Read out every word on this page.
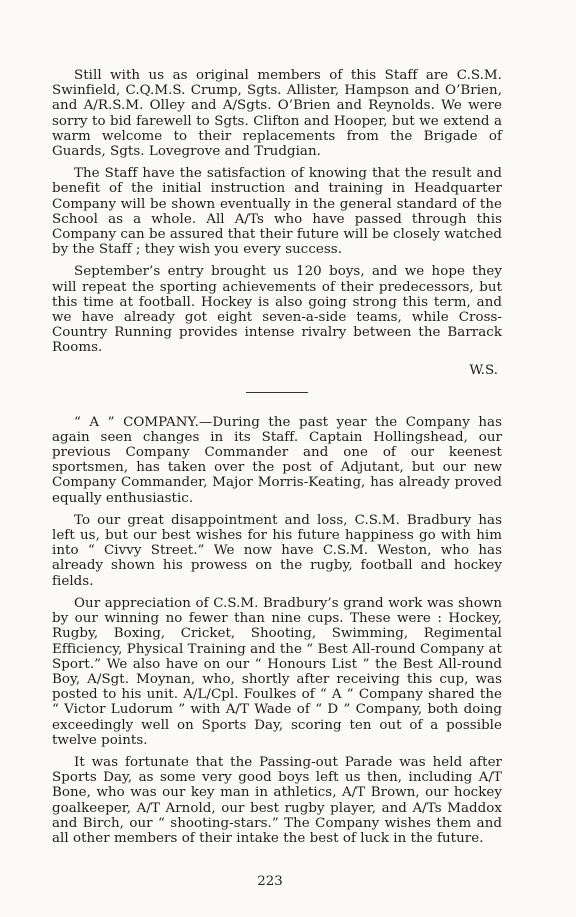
Still with us as original members of this Staff are C.S.M. Swinfield, C.Q.M.S. Crump, Sgts. Allister, Hampson and O’Brien, and A/R.S.M. Olley and A/Sgts. O’Brien and Reynolds. We were sorry to bid farewell to Sgts. Clifton and Hooper, but we extend a warm welcome to their replacements from the Brigade of Guards, Sgts. Lovegrove and Trudgian.

The Staff have the satisfaction of knowing that the result and benefit of the initial instruction and training in Headquarter Company will be shown eventually in the general standard of the School as a whole. All A/Ts who have passed through this Company can be assured that their future will be closely watched by the Staff ; they wish you every success.

September’s entry brought us 120 boys, and we hope they will repeat the sporting achievements of their predecessors, but this time at football. Hockey is also going strong this term, and we have already got eight seven-a-side teams, while Cross-Country Running provides intense rivalry between the Barrack Rooms.

W.S.

“ A ” COMPANY.—During the past year the Company has again seen changes in its Staff. Captain Hollingshead, our previous Company Commander and one of our keenest sportsmen, has taken over the post of Adjutant, but our new Company Commander, Major Morris-Keating, has already proved equally enthusiastic.

To our great disappointment and loss, C.S.M. Bradbury has left us, but our best wishes for his future happiness go with him into “ Civvy Street.” We now have C.S.M. Weston, who has already shown his prowess on the rugby, football and hockey fields.

Our appreciation of C.S.M. Bradbury’s grand work was shown by our winning no fewer than nine cups. These were : Hockey, Rugby, Boxing, Cricket, Shooting, Swimming, Regimental Efficiency, Physical Training and the “ Best All-round Company at Sport.” We also have on our “ Honours List ” the Best All-round Boy, A/Sgt. Moynan, who, shortly after receiving this cup, was posted to his unit. A/L/Cpl. Foulkes of “ A ” Company shared the “ Victor Ludorum ” with A/T Wade of “ D ” Company, both doing exceedingly well on Sports Day, scoring ten out of a possible twelve points.

It was fortunate that the Passing-out Parade was held after Sports Day, as some very good boys left us then, including A/T Bone, who was our key man in athletics, A/T Brown, our hockey goalkeeper, A/T Arnold, our best rugby player, and A/Ts Maddox and Birch, our “ shooting-stars.” The Company wishes them and all other members of their intake the best of luck in the future.

223
